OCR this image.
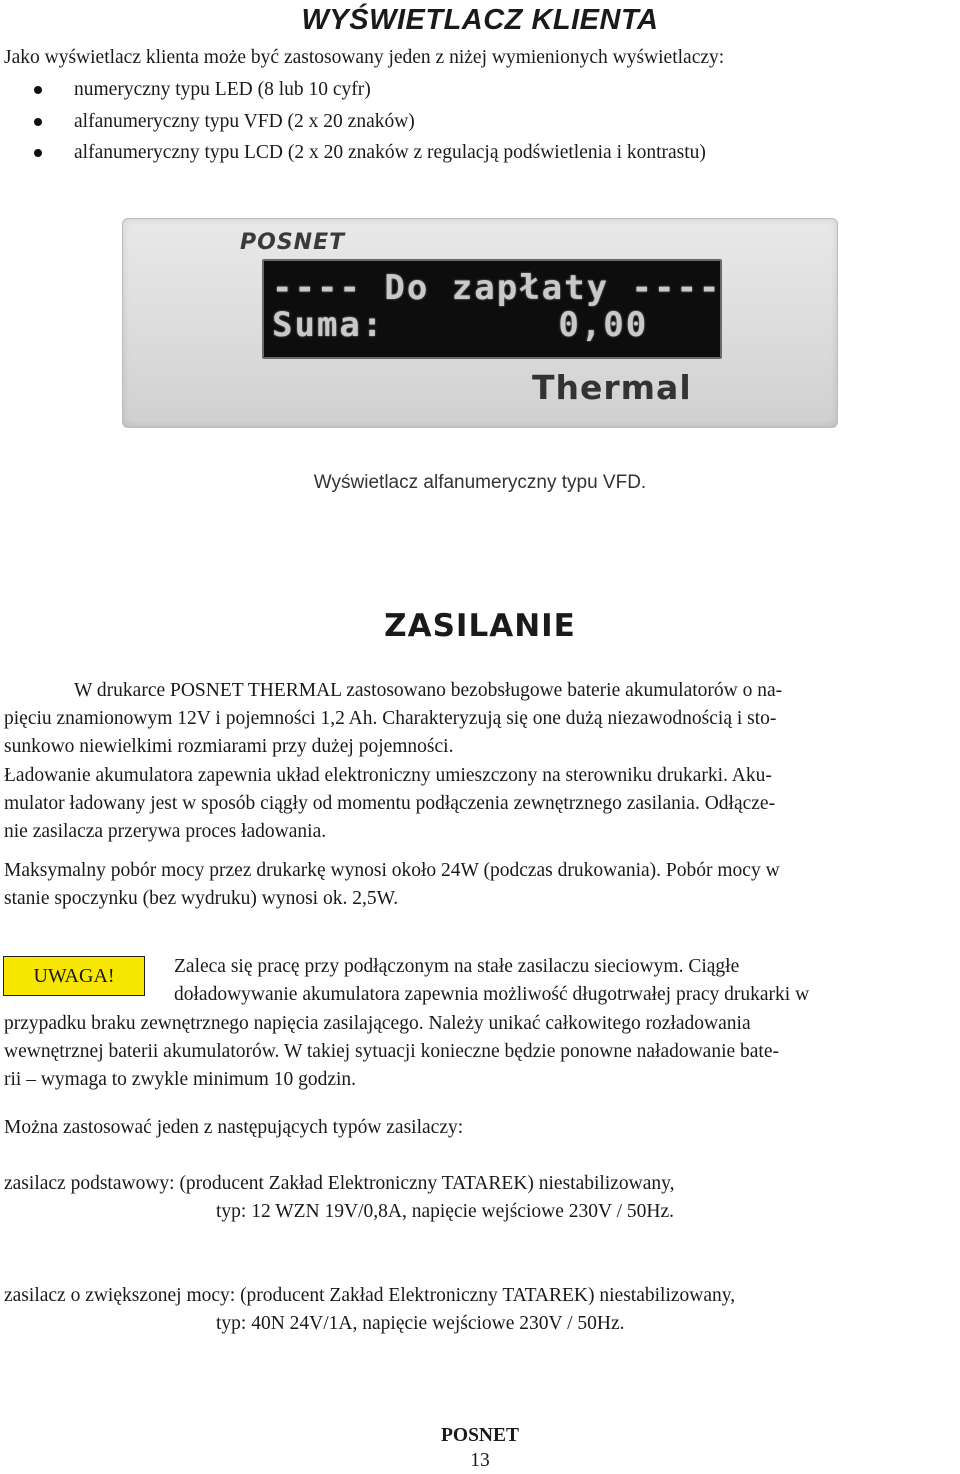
WYŚWIETLACZ KLIENTA
Jako wyświetlacz klienta może być zastosowany jeden z niżej wymienionych wyświetlaczy:
numeryczny typu LED (8 lub 10 cyfr)
alfanumeryczny typu VFD (2 x 20 znaków)
alfanumeryczny typu LCD (2 x 20 znaków z regulacją podświetlenia i kontrastu)
POSNET
---- Do zapłaty ----
Suma:	0,00
Thermal
Wyświetlacz alfanumeryczny typu VFD.
ZASILANIE
W drukarce POSNET THERMAL zastosowano bezobsługowe baterie akumulatorów o na-
pięciu znamionowym 12V i pojemności 1,2 Ah. Charakteryzują się one dużą niezawodnością i sto-
sunkowo niewielkimi rozmiarami przy dużej pojemności.
Ładowanie akumulatora zapewnia układ elektroniczny umieszczony na sterowniku drukarki. Aku-
mulator ładowany jest w sposób ciągły od momentu podłączenia zewnętrznego zasilania. Odłącze-
nie zasilacza przerywa proces ładowania.
Maksymalny pobór mocy przez drukarkę wynosi około 24W (podczas drukowania). Pobór mocy w
stanie spoczynku (bez wydruku) wynosi ok. 2,5W.
UWAGA!	Zaleca się pracę przy podłączonym na stałe zasilaczu sieciowym. Ciągłe
doładowywanie akumulatora zapewnia możliwość długotrwałej pracy drukarki w
przypadku braku zewnętrznego napięcia zasilającego. Należy unikać całkowitego rozładowania
wewnętrznej baterii akumulatorów. W takiej sytuacji konieczne będzie ponowne naładowanie bate-
rii – wymaga to zwykle minimum 10 godzin.
Można zastosować jeden z następujących typów zasilaczy:
zasilacz podstawowy: (producent Zakład Elektroniczny TATAREK) niestabilizowany,
typ: 12 WZN 19V/0,8A, napięcie wejściowe 230V / 50Hz.
zasilacz o zwiększonej mocy: (producent Zakład Elektroniczny TATAREK) niestabilizowany,
typ: 40N 24V/1A, napięcie wejściowe 230V / 50Hz.
POSNET
13
